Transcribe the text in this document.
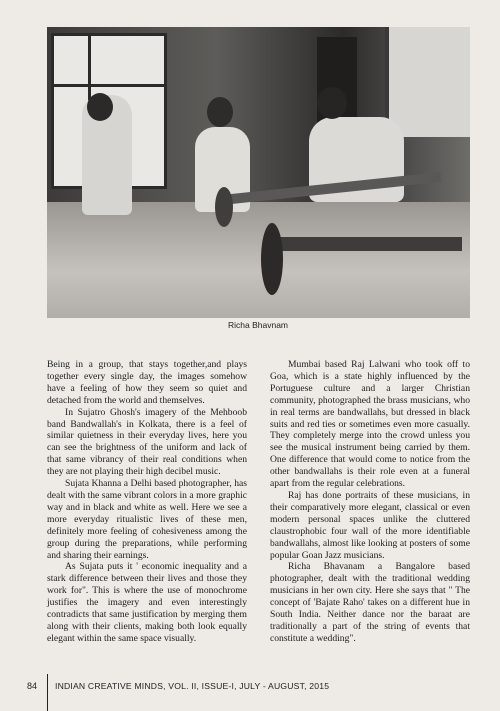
Richa Bhavnam

Being in a group, that stays together,and plays together every single day, the images somehow have a feeling of how they seem so quiet and detached from the world and themselves.

In Sujatro Ghosh's imagery of the Mehboob band Bandwallah's in Kolkata, there is a feel of similar quietness in their everyday lives, here you can see the brightness of the uniform and lack of that same vibrancy of their real conditions when they are not playing their high decibel music.

Sujata Khanna a Delhi based photographer, has dealt with the same vibrant colors in a more graphic way and in black and white as well. Here we see a more everyday ritualistic lives of these men, definitely more feeling of cohesiveness among the group during the preparations, while performing and sharing their earnings.

As Sujata puts it ' economic inequality and a stark difference between their lives and those they work for". This is where the use of monochrome justifies the imagery and even interestingly contradicts that same justification by merging them along with their clients, making both look equally elegant within the same space visually.

Mumbai based Raj Lalwani who took off to Goa, which is a state highly influenced by the Portuguese culture and a larger Christian community, photographed the brass musicians, who in real terms are bandwallahs, but dressed in black suits and red ties or sometimes even more casually. They completely merge into the crowd unless you see the musical instrument being carried by them. One difference that would come to notice from the other bandwallahs is their role even at a funeral apart from the regular celebrations.

Raj has done portraits of these musicians, in their comparatively more elegant, classical or even modern personal spaces unlike the cluttered claustrophobic four wall of the more identifiable bandwallahs, almost like looking at posters of some popular Goan Jazz musicians.

Richa Bhavanam a Bangalore based photographer, dealt with the traditional wedding musicians in her own city. Here she says that " The concept of 'Bajate Raho' takes on a different hue in South India. Neither dance nor the baraat are traditionally a part of the string of events that constitute a wedding".

84 INDIAN CREATIVE MINDS, VOL. II, ISSUE-I, JULY - AUGUST, 2015
